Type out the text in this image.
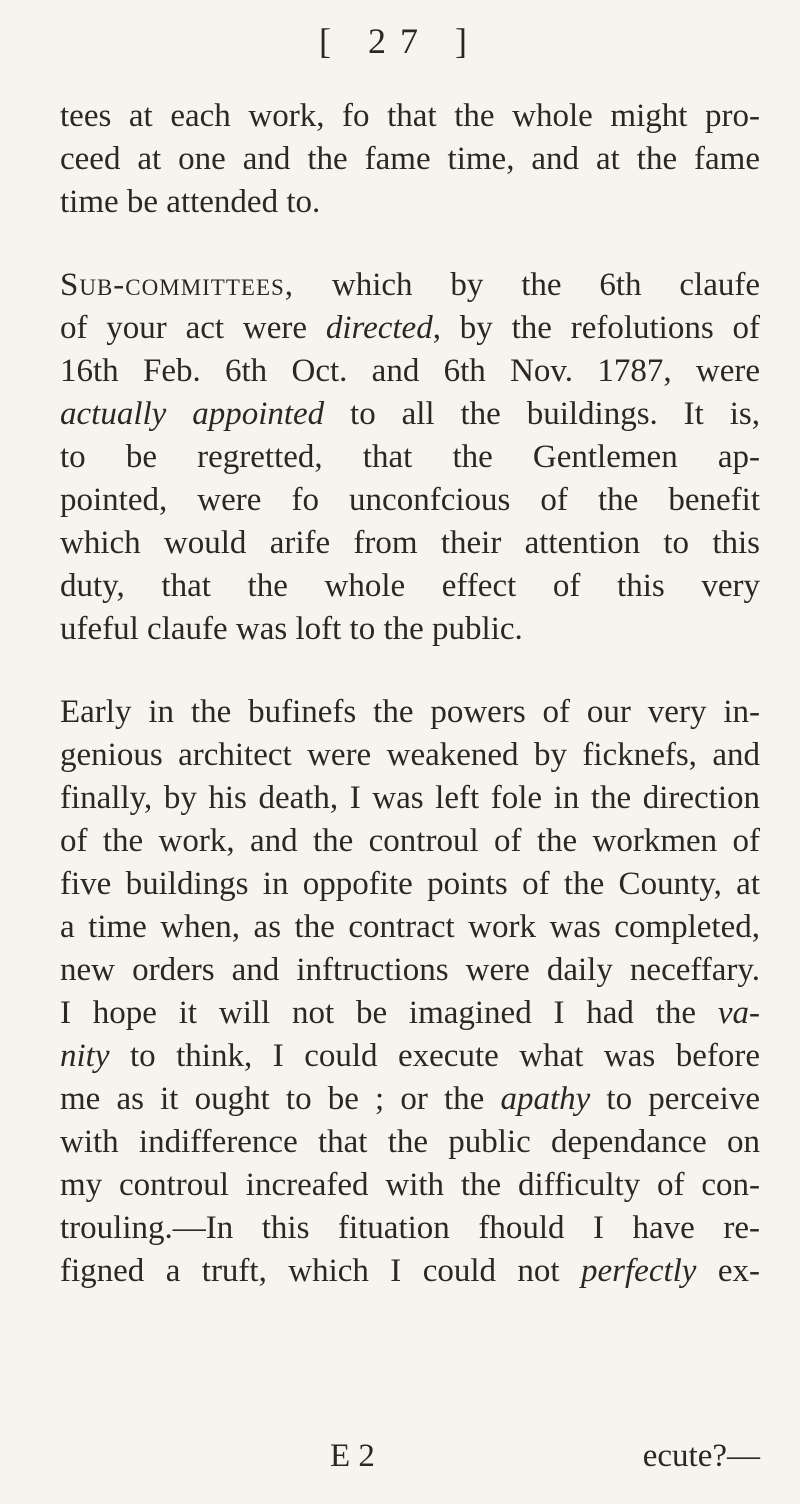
[ 27 ]

tees at each work, fo that the whole might pro-

ceed at one and the fame time, and at the fame

time be attended to.

Sub-committees, which by the 6th claufe

of your act were directed, by the refolutions of

16th Feb. 6th Oct. and 6th Nov. 1787, were

actually appointed to all the buildings. It is,

to be regretted, that the Gentlemen ap-

pointed, were fo unconfcious of the benefit

which would arife from their attention to this

duty, that the whole effect of this very

ufeful claufe was loft to the public.

Early in the bufinefs the powers of our very in-

genious architect were weakened by ficknefs, and

finally, by his death, I was left fole in the direction

of the work, and the controul of the workmen of

five buildings in oppofite points of the County, at

a time when, as the contract work was completed,

new orders and inftructions were daily neceffary.

I hope it will not be imagined I had the va-

nity to think, I could execute what was before

me as it ought to be ; or the apathy to perceive

with indifference that the public dependance on

my controul increafed with the difficulty of con-

trouling.—In this fituation fhould I have re-

figned a truft, which I could not perfectly ex-

E 2	ecute?—
